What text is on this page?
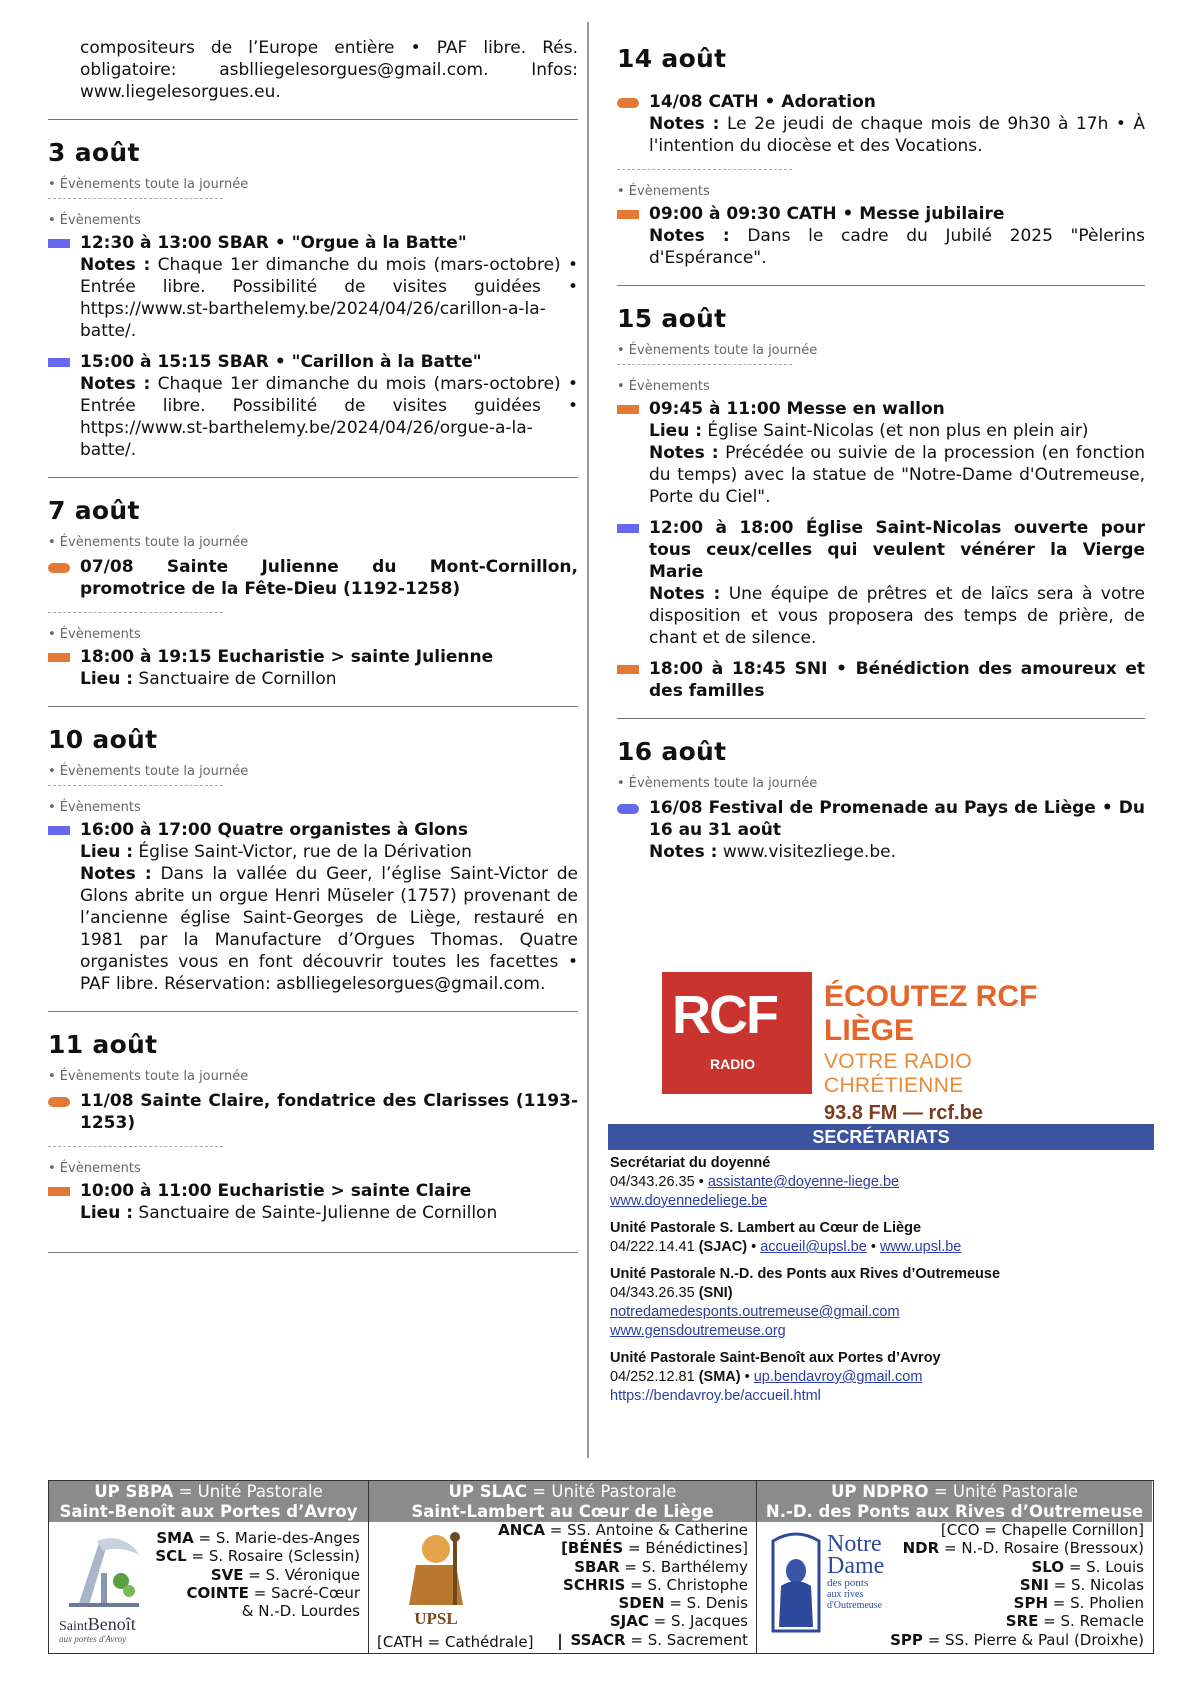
compositeurs de l’Europe entière • PAF libre. Rés. obligatoire: asblliegelesorgues@gmail.com. Infos: www.liegelesorgues.eu.
3 août

• Évènements toute la journée

• Évènements

12:30 à 13:00 SBAR • "Orgue à la Batte"
Notes : Chaque 1er dimanche du mois (mars-octobre) • Entrée libre. Possibilité de visites guidées • https://www.st-barthelemy.be/2024/04/26/carillon-a-la-batte/.
15:00 à 15:15 SBAR • "Carillon à la Batte"
Notes : Chaque 1er dimanche du mois (mars-octobre) • Entrée libre. Possibilité de visites guidées • https://www.st-barthelemy.be/2024/04/26/orgue-a-la-batte/.
7 août

• Évènements toute la journée

07/08 Sainte Julienne du Mont-Cornillon, promotrice de la Fête-Dieu (1192-1258)

• Évènements

18:00 à 19:15 Eucharistie > sainte Julienne
Lieu : Sanctuaire de Cornillon
10 août

• Évènements toute la journée

• Évènements

16:00 à 17:00 Quatre organistes à Glons
Lieu : Église Saint-Victor, rue de la Dérivation
Notes : Dans la vallée du Geer, l’église Saint-Victor de Glons abrite un orgue Henri Müseler (1757) provenant de l’ancienne église Saint-Georges de Liège, restauré en 1981 par la Manufacture d’Orgues Thomas. Quatre organistes vous en font découvrir toutes les facettes • PAF libre. Réservation: asblliegelesorgues@gmail.com.
11 août

• Évènements toute la journée

11/08 Sainte Claire, fondatrice des Clarisses (1193-1253)

• Évènements

10:00 à 11:00 Eucharistie > sainte Claire
Lieu : Sanctuaire de Sainte-Julienne de Cornillon
14 août
14/08 CATH • Adoration
Notes : Le 2e jeudi de chaque mois de 9h30 à 17h • À l'intention du diocèse et des Vocations.

• Évènements

09:00 à 09:30 CATH • Messe jubilaire
Notes : Dans le cadre du Jubilé 2025 "Pèlerins d'Espérance".
15 août

• Évènements toute la journée

• Évènements

09:45 à 11:00 Messe en wallon
Lieu : Église Saint-Nicolas (et non plus en plein air)
Notes : Précédée ou suivie de la procession (en fonction du temps) avec la statue de "Notre-Dame d'Outremeuse, Porte du Ciel".
12:00 à 18:00 Église Saint-Nicolas ouverte pour tous ceux/celles qui veulent vénérer la Vierge Marie
Notes : Une équipe de prêtres et de laïcs sera à votre disposition et vous proposera des temps de prière, de chant et de silence.
18:00 à 18:45 SNI • Bénédiction des amoureux et des familles
16 août

• Évènements toute la journée

16/08 Festival de Promenade au Pays de Liège • Du 16 au 31 août
Notes : www.visitezliege.be.
RCF
RADIO
ÉCOUTEZ RCF LIÈGE
VOTRE RADIO CHRÉTIENNE
93.8 FM — rcf.be
SECRÉTARIATS
Secrétariat du doyenné
04/343.26.35 • assistante@doyenne-liege.be
www.doyennedeliege.be
Unité Pastorale S. Lambert au Cœur de Liège
04/222.14.41 (SJAC) • accueil@upsl.be • www.upsl.be
Unité Pastorale N.-D. des Ponts aux Rives d’Outremeuse
04/343.26.35 (SNI)
notredamedesponts.outremeuse@gmail.com
www.gensdoutremeuse.org
Unité Pastorale Saint-Benoît aux Portes d’Avroy
04/252.12.81 (SMA) • up.bendavroy@gmail.com
https://bendavroy.be/accueil.html
UP SBPA = Unité Pastorale
Saint-Benoît aux Portes d’Avroy
SaintBenoît
aux portes d'Avroy
SMA = S. Marie-des-Anges
SCL = S. Rosaire (Sclessin)
SVE = S. Véronique
COINTE = Sacré-Cœur
& N.-D. Lourdes
UP SLAC = Unité Pastorale
Saint-Lambert au Cœur de Liège
UPSL
[CATH = Cathédrale]
ANCA = SS. Antoine & Catherine
[BÉNÉS = Bénédictines]
SBAR = S. Barthélemy
SCHRIS = S. Christophe
SDEN = S. Denis
SJAC = S. Jacques
SSACR = S. Sacrement
UP NDPRO = Unité Pastorale
N.-D. des Ponts aux Rives d’Outremeuse
Notre
Dame
des ponts
aux rives d'Outremeuse
[CCO = Chapelle Cornillon]
NDR = N.-D. Rosaire (Bressoux)
SLO = S. Louis
SNI = S. Nicolas
SPH = S. Pholien
SRE = S. Remacle
SPP = SS. Pierre & Paul (Droixhe)
